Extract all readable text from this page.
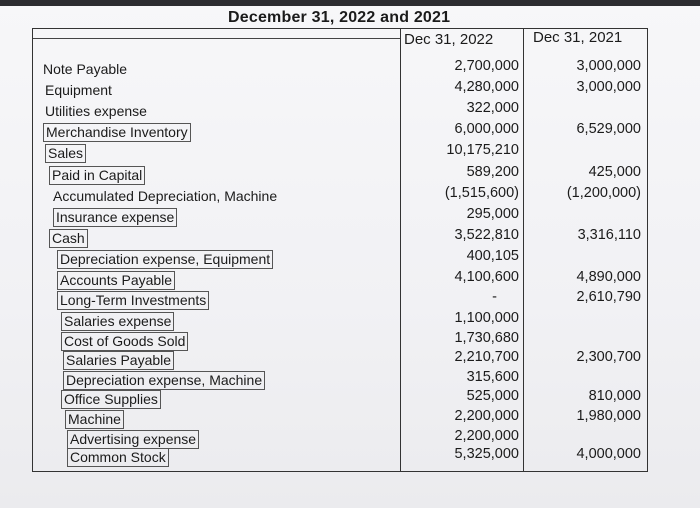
December 31, 2022 and 2021
Dec 31, 2022	Dec 31, 2021
Note Payable	2,700,000	3,000,000
Equipment	4,280,000	3,000,000
Utilities expense	322,000
Merchandise Inventory	6,000,000	6,529,000
Sales	10,175,210
Paid in Capital	589,200	425,000
Accumulated Depreciation, Machine	(1,515,600)	(1,200,000)
Insurance expense	295,000
Cash	3,522,810	3,316,110
Depreciation expense, Equipment	400,105
Accounts Payable	4,100,600	4,890,000
Long-Term Investments	-	2,610,790
Salaries expense	1,100,000
Cost of Goods Sold	1,730,680
Salaries Payable	2,210,700	2,300,700
Depreciation expense, Machine	315,600
Office Supplies	525,000	810,000
Machine	2,200,000	1,980,000
Advertising expense	2,200,000
Common Stock	5,325,000	4,000,000
